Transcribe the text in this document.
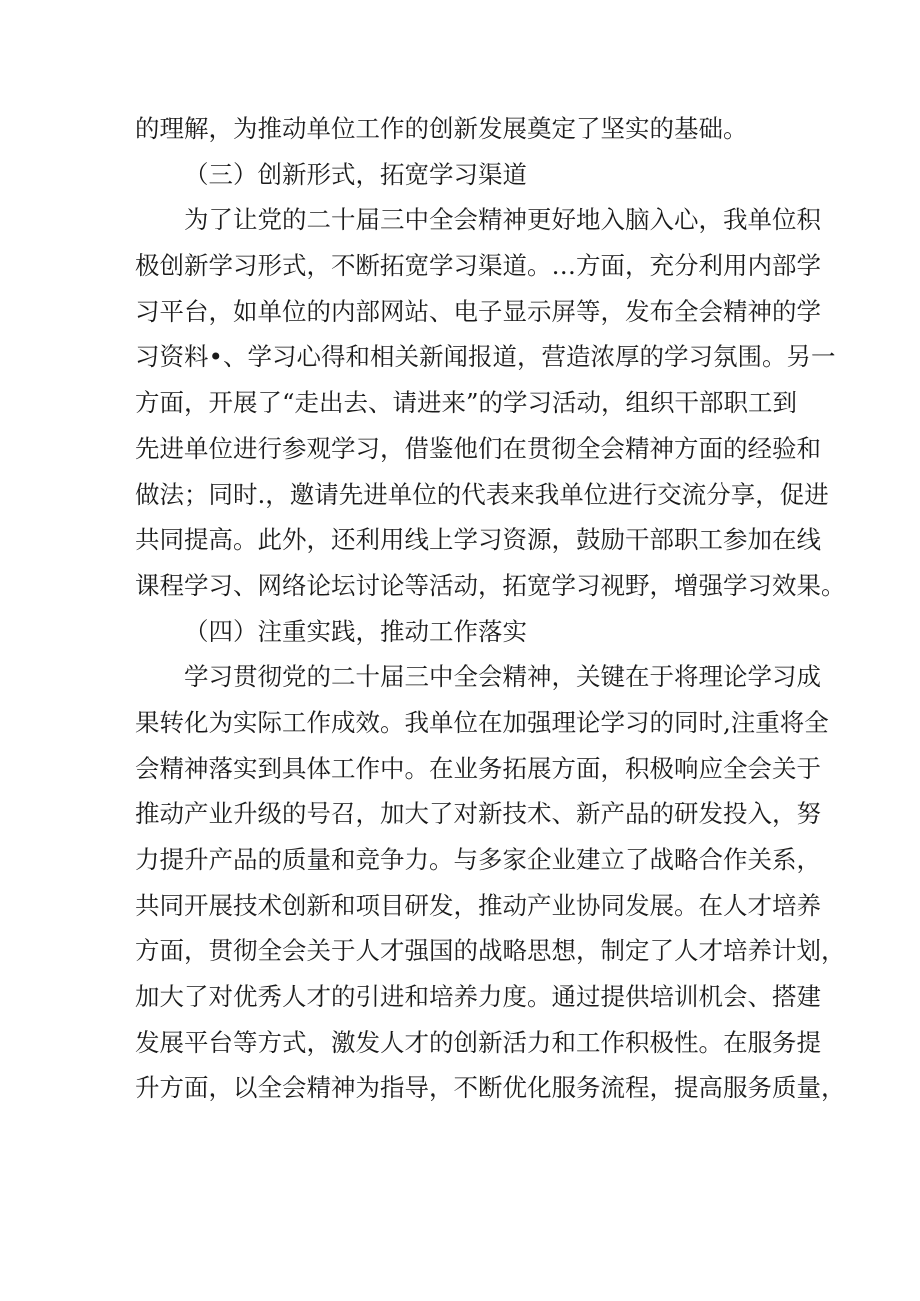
的理解，为推动单位工作的创新发展奠定了坚实的基础。
（三）创新形式，拓宽学习渠道
为了让党的二十届三中全会精神更好地入脑入心，我单位积
极创新学习形式，不断拓宽学习渠道。…方面，充分利用内部学
习平台，如单位的内部网站、电子显示屏等，发布全会精神的学
习资料•、学习心得和相关新闻报道，营造浓厚的学习氛围。另一
方面，开展了“走出去、请进来”的学习活动，组织干部职工到
先进单位进行参观学习，借鉴他们在贯彻全会精神方面的经验和
做法；同时.，邀请先进单位的代表来我单位进行交流分享，促进
共同提高。此外，还利用线上学习资源，鼓励干部职工参加在线
课程学习、网络论坛讨论等活动，拓宽学习视野，增强学习效果。
（四）注重实践，推动工作落实
学习贯彻党的二十届三中全会精神，关键在于将理论学习成
果转化为实际工作成效。我单位在加强理论学习的同时,注重将全
会精神落实到具体工作中。在业务拓展方面，积极响应全会关于
推动产业升级的号召，加大了对新技术、新产品的研发投入，努
力提升产品的质量和竞争力。与多家企业建立了战略合作关系，
共同开展技术创新和项目研发，推动产业协同发展。在人才培养
方面，贯彻全会关于人才强国的战略思想，制定了人才培养计划，
加大了对优秀人才的引进和培养力度。通过提供培训机会、搭建
发展平台等方式，激发人才的创新活力和工作积极性。在服务提
升方面，以全会精神为指导，不断优化服务流程，提高服务质量，
